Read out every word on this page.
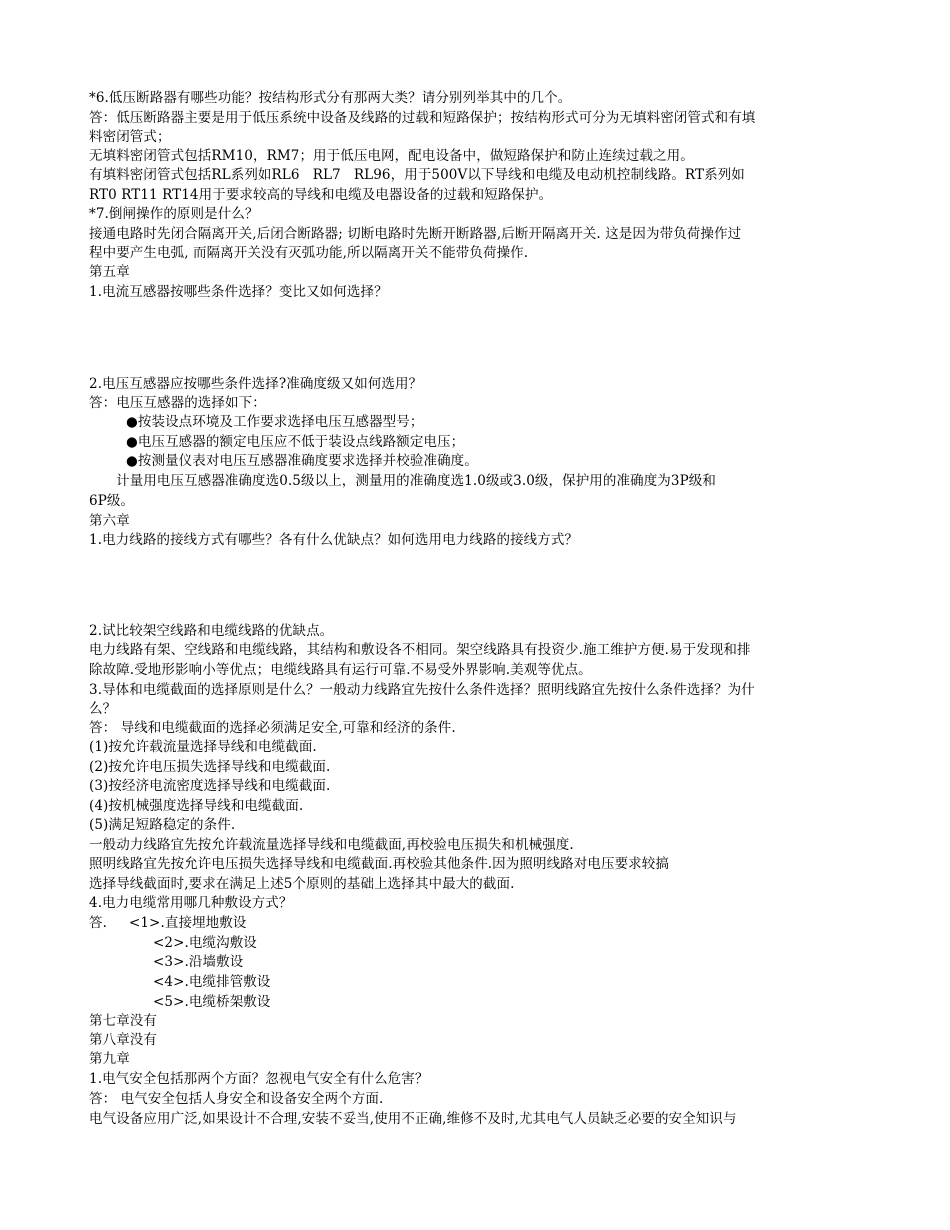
*6.低压断路器有哪些功能？按结构形式分有那两大类？请分别列举其中的几个。
答：低压断路器主要是用于低压系统中设备及线路的过载和短路保护；按结构形式可分为无填料密闭管式和有填
料密闭管式；
无填料密闭管式包括RM10，RM7；用于低压电网，配电设备中，做短路保护和防止连续过载之用。
有填料密闭管式包括RL系列如RL6   RL7   RL96，用于500V以下导线和电缆及电动机控制线路。RT系列如
RT0 RT11 RT14用于要求较高的导线和电缆及电器设备的过载和短路保护。
*7.倒闸操作的原则是什么？
接通电路时先闭合隔离开关,后闭合断路器; 切断电路时先断开断路器,后断开隔离开关. 这是因为带负荷操作过
程中要产生电弧, 而隔离开关没有灭弧功能,所以隔离开关不能带负荷操作.
第五章
1.电流互感器按哪些条件选择？变比又如何选择？
2.电压互感器应按哪些条件选择?准确度级又如何选用？
答：电压互感器的选择如下：
●按装设点环境及工作要求选择电压互感器型号；
●电压互感器的额定电压应不低于装设点线路额定电压；
●按测量仪表对电压互感器准确度要求选择并校验准确度。
计量用电压互感器准确度选0.5级以上，测量用的准确度选1.0级或3.0级，保护用的准确度为3P级和
6P级。
第六章
1.电力线路的接线方式有哪些？各有什么优缺点？如何选用电力线路的接线方式？
2.试比较架空线路和电缆线路的优缺点。
电力线路有架、空线路和电缆线路，其结构和敷设各不相同。架空线路具有投资少.施工维护方便.易于发现和排
除故障.受地形影响小等优点；电缆线路具有运行可靠.不易受外界影响.美观等优点。
3.导体和电缆截面的选择原则是什么？一般动力线路宜先按什么条件选择？照明线路宜先按什么条件选择？为什
么？
答： 导线和电缆截面的选择必须满足安全,可靠和经济的条件.
(1)按允许载流量选择导线和电缆截面.
(2)按允许电压损失选择导线和电缆截面.
(3)按经济电流密度选择导线和电缆截面.
(4)按机械强度选择导线和电缆截面.
(5)满足短路稳定的条件.
一般动力线路宜先按允许载流量选择导线和电缆截面,再校验电压损失和机械强度.
照明线路宜先按允许电压损失选择导线和电缆截面.再校验其他条件.因为照明线路对电压要求较搞
选择导线截面时,要求在满足上述5个原则的基础上选择其中最大的截面.
4.电力电缆常用哪几种敷设方式？
答.     <1>.直接埋地敷设
<2>.电缆沟敷设
<3>.沿墙敷设
<4>.电缆排管敷设
<5>.电缆桥架敷设
第七章没有
第八章没有
第九章
1.电气安全包括那两个方面？忽视电气安全有什么危害？
答： 电气安全包括人身安全和设备安全两个方面.
电气设备应用广泛,如果设计不合理,安装不妥当,使用不正确,维修不及时,尤其电气人员缺乏必要的安全知识与
